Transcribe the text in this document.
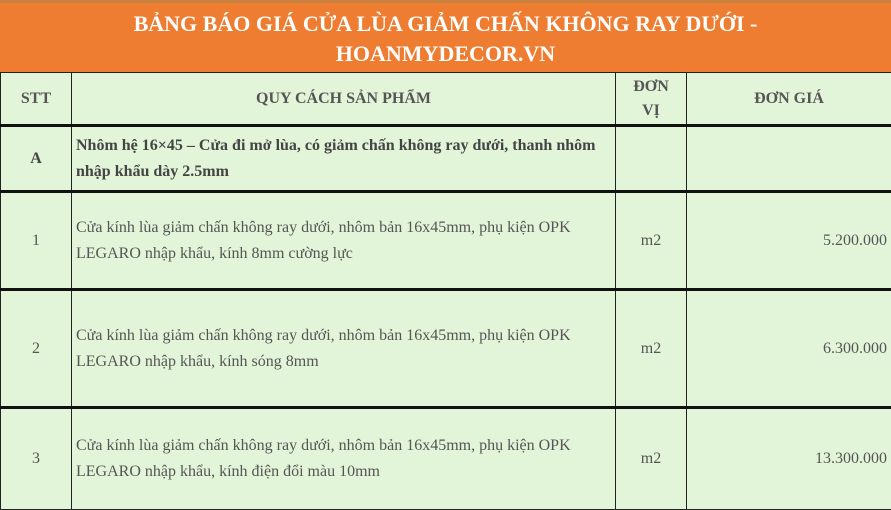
BẢNG BÁO GIÁ CỬA LÙA GIẢM CHẤN KHÔNG RAY DƯỚI -
HOANMYDECOR.VN
STT	QUY CÁCH SẢN PHẨM	ĐƠN VỊ	ĐƠN GIÁ
A	Nhôm hệ 16×45 – Cửa đi mở lùa, có giảm chấn không ray dưới, thanh nhôm nhập khẩu dày 2.5mm		
1	Cửa kính lùa giảm chấn không ray dưới, nhôm bản 16x45mm, phụ kiện OPK LEGARO nhập khẩu, kính 8mm cường lực	m2	5.200.000
2	Cửa kính lùa giảm chấn không ray dưới, nhôm bản 16x45mm, phụ kiện OPK LEGARO nhập khẩu, kính sóng 8mm	m2	6.300.000
3	Cửa kính lùa giảm chấn không ray dưới, nhôm bản 16x45mm, phụ kiện OPK LEGARO nhập khẩu, kính điện đổi màu 10mm	m2	13.300.000
